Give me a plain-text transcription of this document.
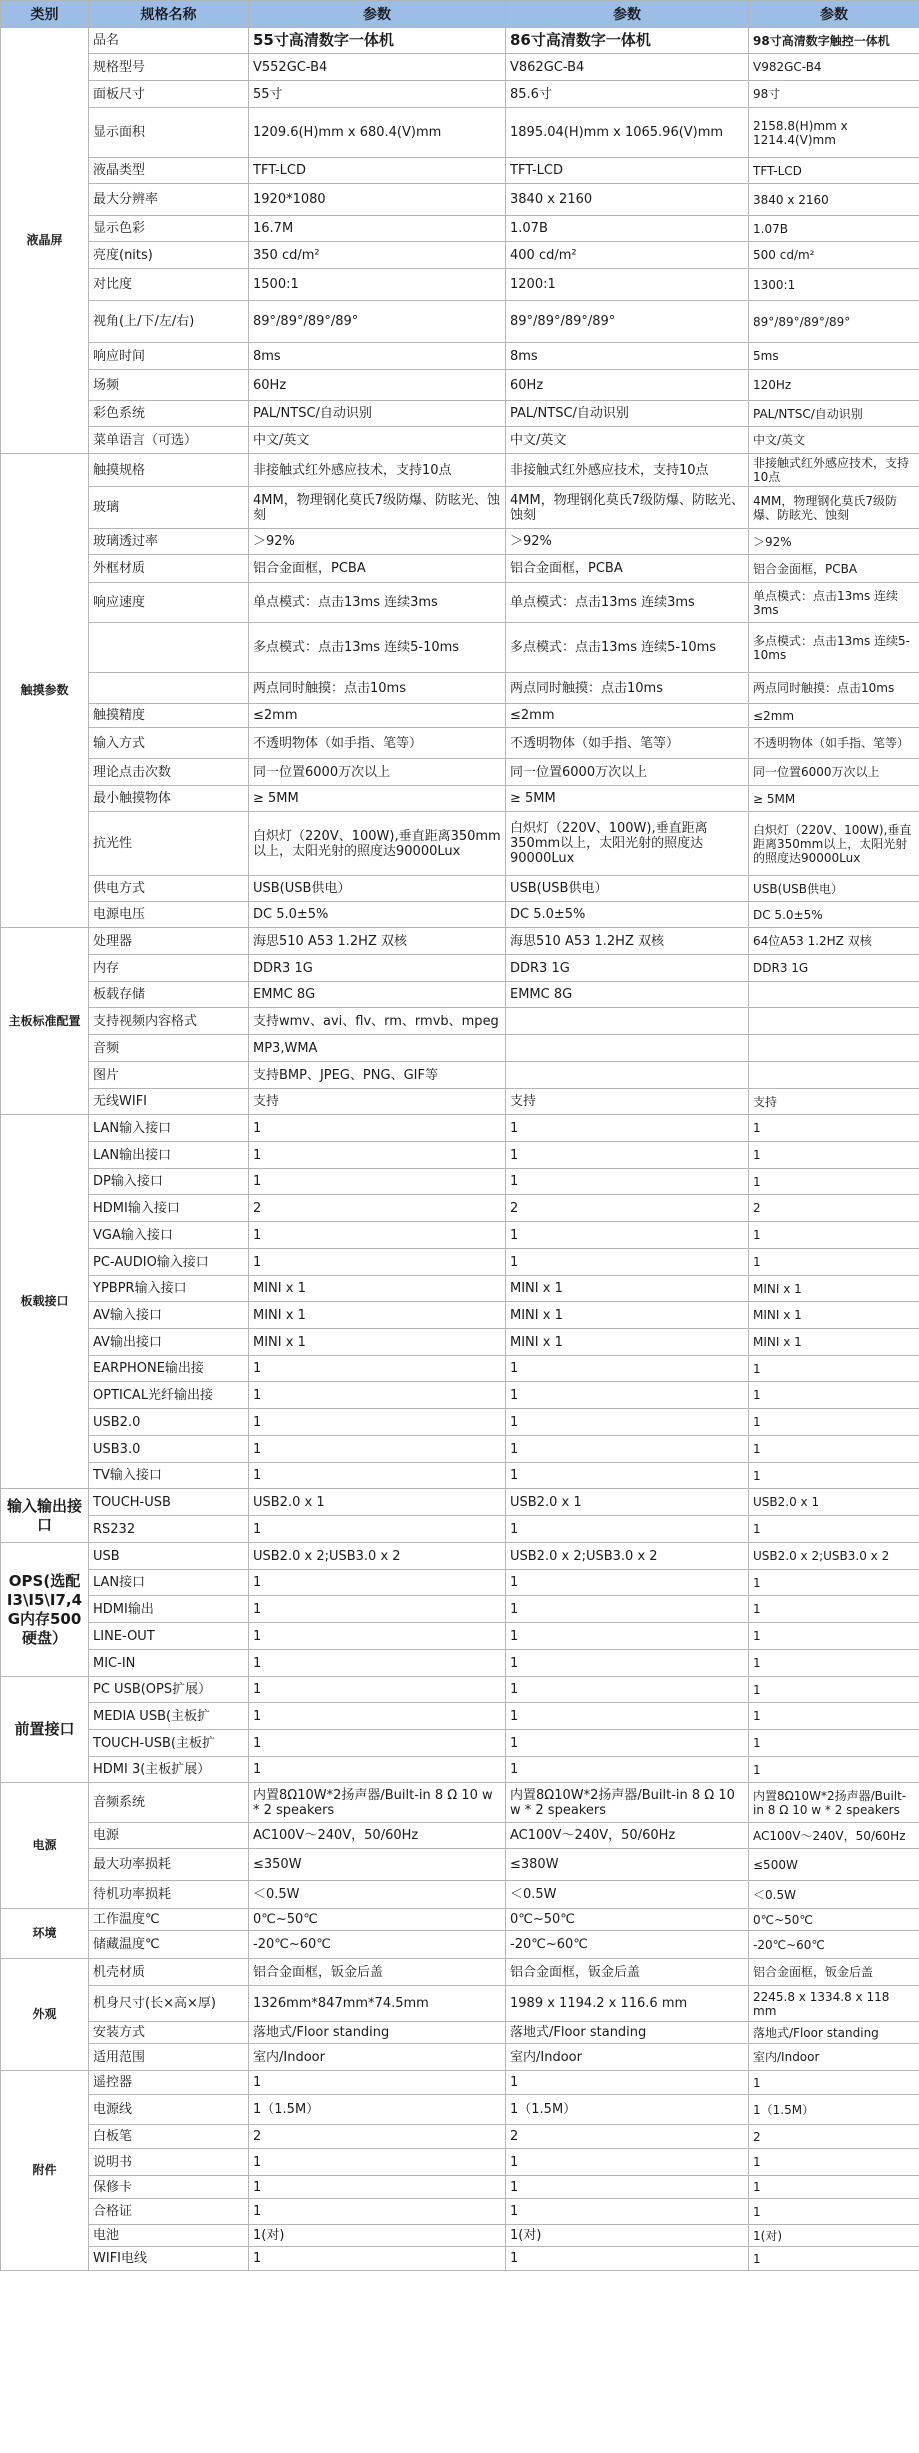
类别	规格名称	参数	参数	参数
液晶屏	品名	55寸高清数字一体机	86寸高清数字一体机	98寸高清数字触控一体机
	规格型号	V552GC-B4	V862GC-B4	V982GC-B4
	面板尺寸	55寸	85.6寸	98寸
	显示面积	1209.6(H)mm x 680.4(V)mm	1895.04(H)mm x 1065.96(V)mm	2158.8(H)mm x 1214.4(V)mm
	液晶类型	TFT-LCD	TFT-LCD	TFT-LCD
	最大分辨率	1920*1080	3840 x 2160	3840 x 2160
	显示色彩	16.7M	1.07B	1.07B
	亮度(nits)	350 cd/m²	400 cd/m²	500 cd/m²
	对比度	1500:1	1200:1	1300:1
	视角(上/下/左/右)	89°/89°/89°/89°	89°/89°/89°/89°	89°/89°/89°/89°
	响应时间	8ms	8ms	5ms
	场频	60Hz	60Hz	120Hz
	彩色系统	PAL/NTSC/自动识别	PAL/NTSC/自动识别	PAL/NTSC/自动识别
	菜单语言（可选）	中文/英文	中文/英文	中文/英文
触摸参数	触摸规格	非接触式红外感应技术，支持10点	非接触式红外感应技术，支持10点	非接触式红外感应技术，支持10点
	玻璃	4MM，物理钢化莫氏7级防爆、防眩光、蚀刻	4MM，物理钢化莫氏7级防爆、防眩光、蚀刻	4MM，物理钢化莫氏7级防爆、防眩光、蚀刻
	玻璃透过率	＞92%	＞92%	＞92%
	外框材质	铝合金面框，PCBA	铝合金面框，PCBA	铝合金面框，PCBA
	响应速度	单点模式：点击13ms 连续3ms	单点模式：点击13ms 连续3ms	单点模式：点击13ms 连续3ms
		多点模式：点击13ms 连续5-10ms	多点模式：点击13ms 连续5-10ms	多点模式：点击13ms 连续5-10ms
		两点同时触摸：点击10ms	两点同时触摸：点击10ms	两点同时触摸：点击10ms
	触摸精度	≤2mm	≤2mm	≤2mm
	输入方式	不透明物体（如手指、笔等）	不透明物体（如手指、笔等）	不透明物体（如手指、笔等）
	理论点击次数	同一位置6000万次以上	同一位置6000万次以上	同一位置6000万次以上
	最小触摸物体	≥ 5MM	≥ 5MM	≥ 5MM
	抗光性	白炽灯（220V、100W),垂直距离350mm以上，太阳光射的照度达90000Lux	白炽灯（220V、100W),垂直距离350mm以上，太阳光射的照度达90000Lux	白炽灯（220V、100W),垂直距离350mm以上，太阳光射的照度达90000Lux
	供电方式	USB(USB供电）	USB(USB供电）	USB(USB供电）
	电源电压	DC 5.0±5%	DC 5.0±5%	DC 5.0±5%
主板标准配置	处理器	海思510 A53 1.2HZ 双核	海思510 A53 1.2HZ 双核	64位A53 1.2HZ 双核
	内存	DDR3 1G	DDR3 1G	DDR3 1G
	板载存储	EMMC 8G	EMMC 8G	
	支持视频内容格式	支持wmv、avi、flv、rm、rmvb、mpeg		
	音频	MP3,WMA		
	图片	支持BMP、JPEG、PNG、GIF等		
	无线WIFI	支持	支持	支持
板载接口	LAN输入接口	1	1	1
	LAN输出接口	1	1	1
	DP输入接口	1	1	1
	HDMI输入接口	2	2	2
	VGA输入接口	1	1	1
	PC-AUDIO输入接口	1	1	1
	YPBPR输入接口	MINI x 1	MINI x 1	MINI x 1
	AV输入接口	MINI x 1	MINI x 1	MINI x 1
	AV输出接口	MINI x 1	MINI x 1	MINI x 1
	EARPHONE输出接	1	1	1
	OPTICAL光纤输出接	1	1	1
	USB2.0	1	1	1
	USB3.0	1	1	1
	TV输入接口	1	1	1
输入输出接口	TOUCH-USB	USB2.0 x 1	USB2.0 x 1	USB2.0 x 1
	RS232	1	1	1
OPS(选配I3\I5\I7,4G内存500硬盘）	USB	USB2.0 x 2;USB3.0 x 2	USB2.0 x 2;USB3.0 x 2	USB2.0 x 2;USB3.0 x 2
	LAN接口	1	1	1
	HDMI输出	1	1	1
	LINE-OUT	1	1	1
	MIC-IN	1	1	1
前置接口	PC USB(OPS扩展）	1	1	1
	MEDIA USB(主板扩	1	1	1
	TOUCH-USB(主板扩	1	1	1
	HDMI 3(主板扩展）	1	1	1
电源	音频系统	内置8Ω10W*2扬声器/Built-in 8 Ω 10 w * 2 speakers	内置8Ω10W*2扬声器/Built-in 8 Ω 10 w * 2 speakers	内置8Ω10W*2扬声器/Built-in 8 Ω 10 w * 2 speakers
	电源	AC100V～240V，50/60Hz	AC100V～240V，50/60Hz	AC100V～240V，50/60Hz
	最大功率损耗	≤350W	≤380W	≤500W
	待机功率损耗	＜0.5W	＜0.5W	＜0.5W
环境	工作温度℃	0℃~50℃	0℃~50℃	0℃~50℃
	储藏温度℃	-20℃~60℃	-20℃~60℃	-20℃~60℃
外观	机壳材质	铝合金面框，钣金后盖	铝合金面框，钣金后盖	铝合金面框，钣金后盖
	机身尺寸(长×高×厚)	1326mm*847mm*74.5mm	1989 x 1194.2 x 116.6 mm	2245.8 x 1334.8 x 118 mm
	安装方式	落地式/Floor standing	落地式/Floor standing	落地式/Floor standing
	适用范围	室内/Indoor	室内/Indoor	室内/Indoor
附件	遥控器	1	1	1
	电源线	1（1.5M）	1（1.5M）	1（1.5M）
	白板笔	2	2	2
	说明书	1	1	1
	保修卡	1	1	1
	合格证	1	1	1
	电池	1(对)	1(对)	1(对)
	WIFI电线	1	1	1
